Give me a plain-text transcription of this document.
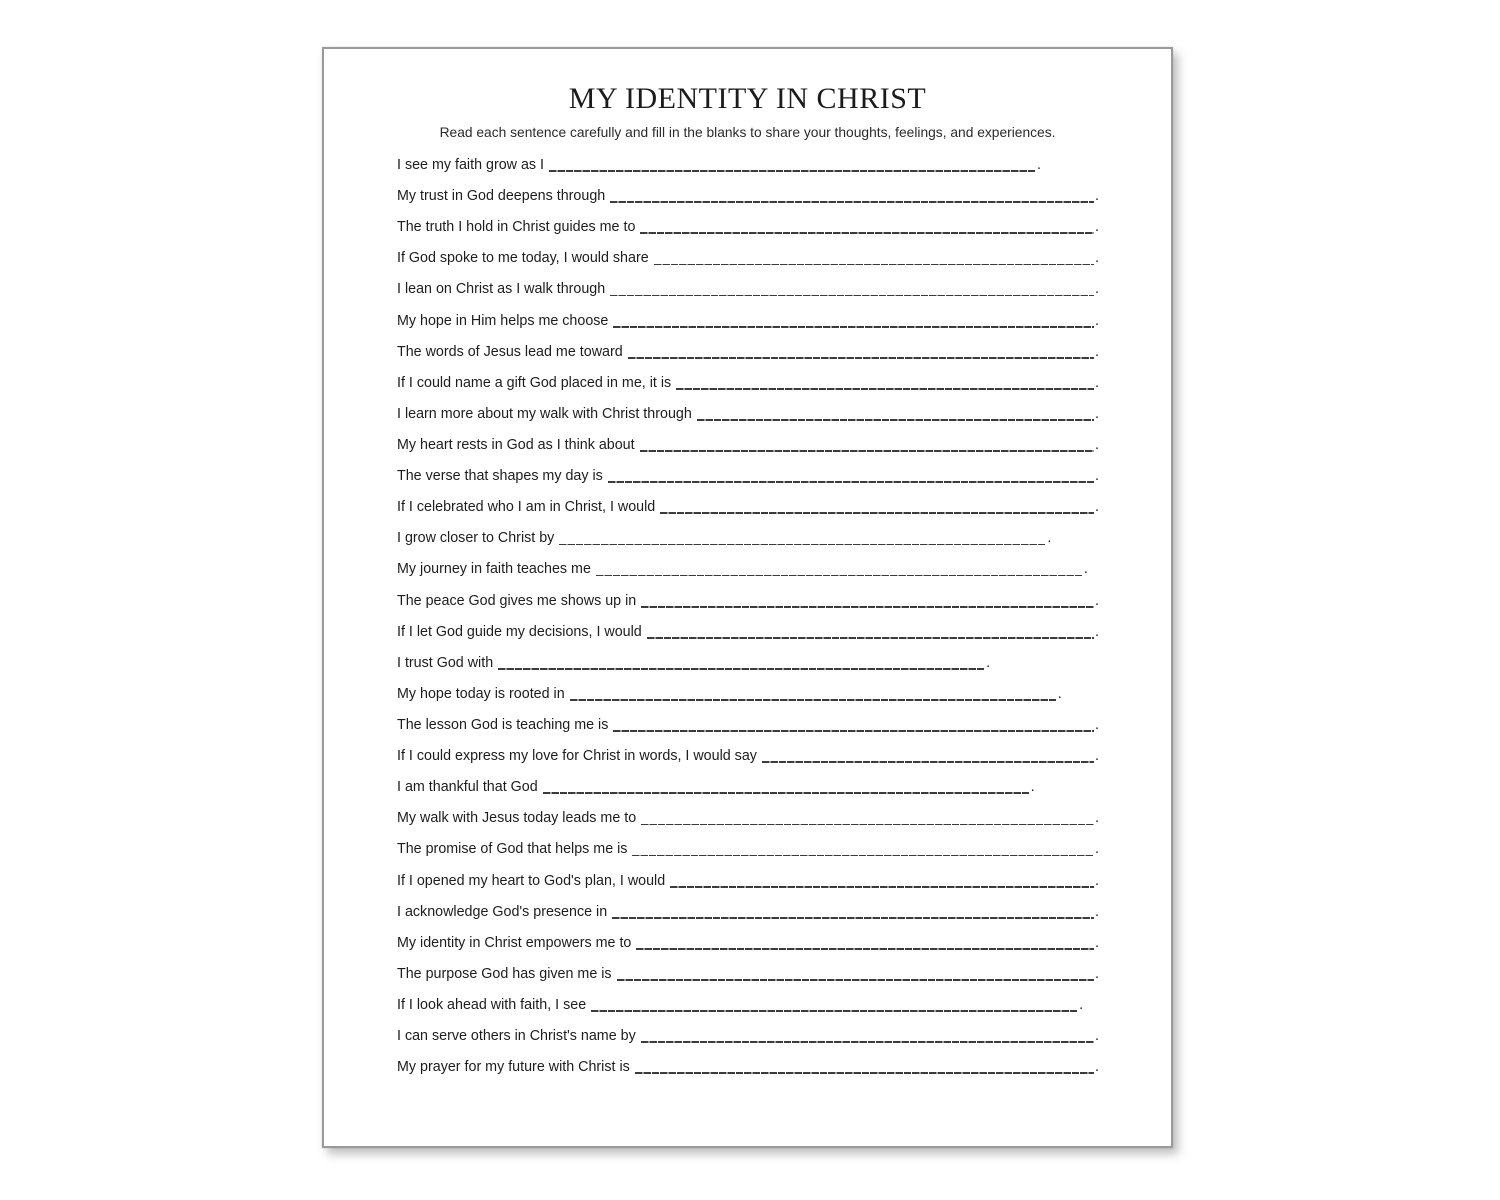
MY IDENTITY IN CHRIST
Read each sentence carefully and fill in the blanks to share your thoughts, feelings, and experiences.
I see my faith grow as I	.
My trust in God deepens through	.
The truth I hold in Christ guides me to	.
If God spoke to me today, I would share	.
I lean on Christ as I walk through	.
My hope in Him helps me choose	.
The words of Jesus lead me toward	.
If I could name a gift God placed in me, it is	.
I learn more about my walk with Christ through	.
My heart rests in God as I think about	.
The verse that shapes my day is	.
If I celebrated who I am in Christ, I would	.
I grow closer to Christ by	.
My journey in faith teaches me	.
The peace God gives me shows up in	.
If I let God guide my decisions, I would	.
I trust God with	.
My hope today is rooted in	.
The lesson God is teaching me is	.
If I could express my love for Christ in words, I would say	.
I am thankful that God	.
My walk with Jesus today leads me to	.
The promise of God that helps me is	.
If I opened my heart to God's plan, I would	.
I acknowledge God's presence in	.
My identity in Christ empowers me to	.
The purpose God has given me is	.
If I look ahead with faith, I see	.
I can serve others in Christ's name by	.
My prayer for my future with Christ is	.
